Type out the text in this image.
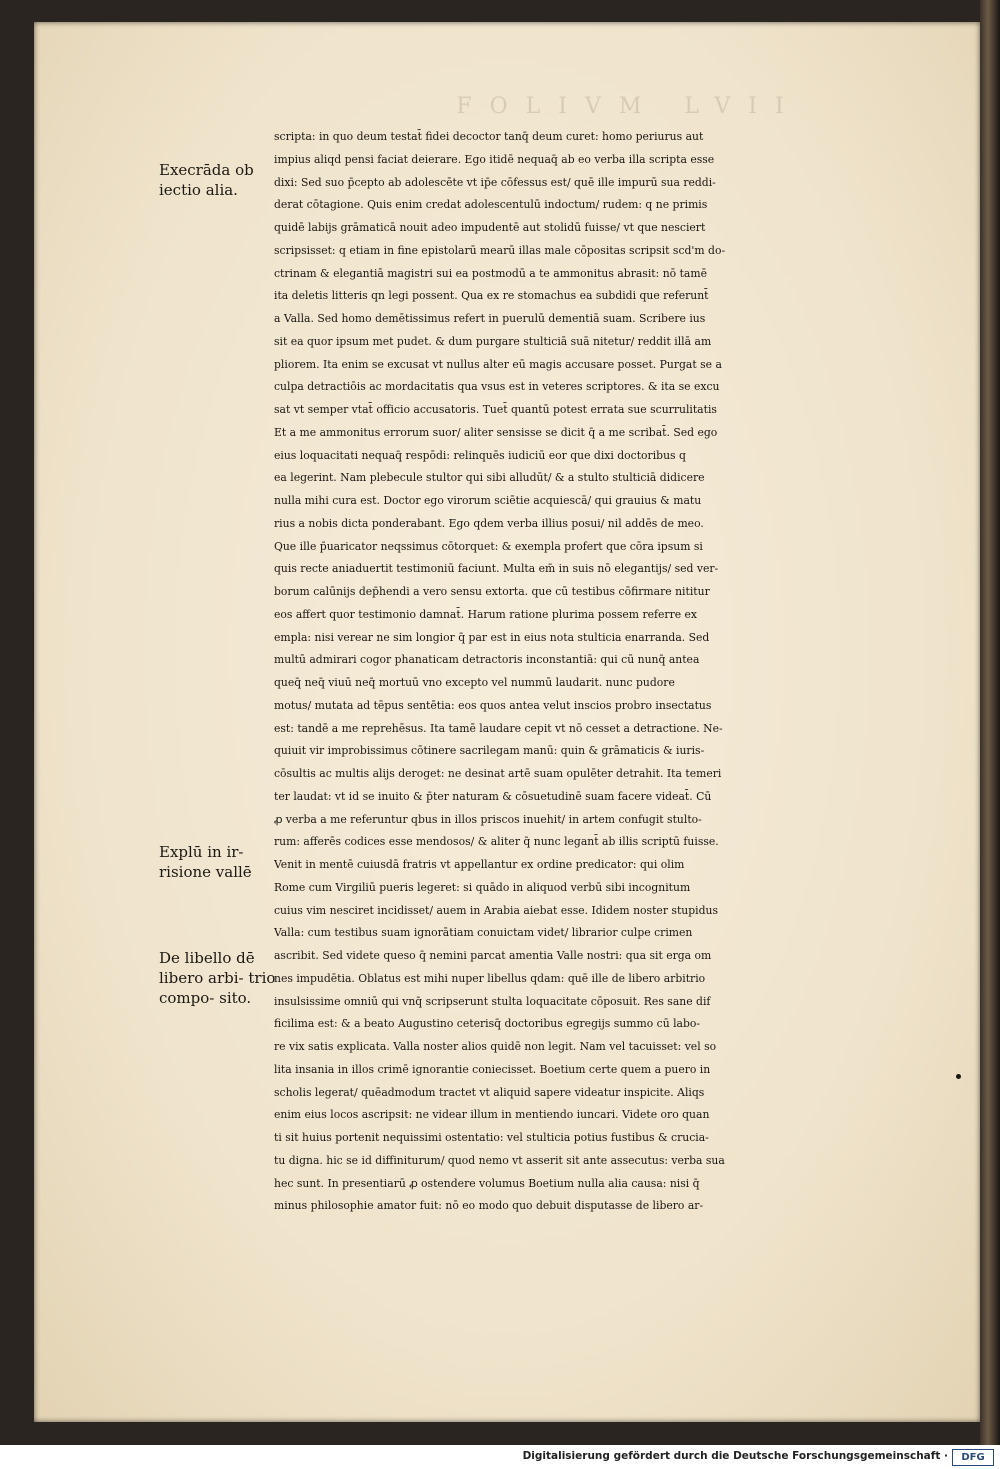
FOLIVM LVII
Execrāda ob iectio alia.
Explū in ir- risione vallē
De libello dē libero arbi- trio compo- sito.
scripta: in quo deum testat̄ fidei decoctor tanq̄ deum curet: homo periurus aut
impius aliqd pensi faciat deierare. Ego itidē nequaq̄ ab eo verba illa scripta esse
dixi: Sed suo p̄cepto ab adolescēte vt ip̄e cōfessus est/ quē ille impurū sua reddi-
derat cōtagione. Quis enim credat adolescentulū indoctum/ rudem: q ne primis
quidē labijs grāmaticā nouit adeo impudentē aut stolidū fuisse/ vt que nesciert
scripsisset: q etiam in fine epistolarū mearū illas male cōpositas scripsit scd'm do-
ctrinam & elegantiā magistri sui ea postmodū a te ammonitus abrasit: nō tamē
ita deletis litteris qn legi possent. Qua ex re stomachus ea subdidi que referunt̄
a Valla. Sed homo demētissimus refert in puerulū dementiā suam. Scribere ius
sit ea quor ipsum met pudet. & dum purgare stulticiā suā nitetur/ reddit illā am
pliorem. Ita enim se excusat vt nullus alter eū magis accusare posset. Purgat se a
culpa detractiōis ac mordacitatis qua vsus est in veteres scriptores. & ita se excu
sat vt semper vtat̄ officio accusatoris. Tuet̄ quantū potest errata sue scurrulitatis
Et a me ammonitus errorum suor/ aliter sensisse se dicit q̄ a me scribat̄. Sed ego
eius loquacitati nequaq̄ respōdi: relinquēs iudiciū eor que dixi doctoribus q
ea legerint. Nam plebecule stultor qui sibi alludūt/ & a stulto stulticiā didicere
nulla mihi cura est. Doctor ego virorum sciētie acquiescā/ qui grauius & matu
rius a nobis dicta ponderabant. Ego qdem verba illius posui/ nil addēs de meo.
Que ille p̄uaricator neqssimus cōtorquet: & exempla profert que cōra ipsum si
quis recte aniaduertit testimoniū faciunt. Multa em̄ in suis nō elegantijs/ sed ver-
borum calūnijs dep̄hendi a vero sensu extorta. que cū testibus cōfirmare nititur
eos affert quor testimonio damnat̄. Harum ratione plurima possem referre ex
empla: nisi verear ne sim longior q̄ par est in eius nota stulticia enarranda. Sed
multū admirari cogor phanaticam detractoris inconstantiā: qui cū nunq̄ antea
queq̄ neq̄ viuū neq̄ mortuū vno excepto vel nummū laudarit. nunc pudore
motus/ mutata ad tēpus sentētia: eos quos antea velut inscios probro insectatus
est: tandē a me reprehēsus. Ita tamē laudare cepit vt nō cesset a detractione. Ne-
quiuit vir improbissimus cōtinere sacrilegam manū: quin & grāmaticis & iuris-
cōsultis ac multis alijs deroget: ne desinat artē suam opulēter detrahit. Ita temeri
ter laudat: vt id se inuito & p̄ter naturam & cōsuetudinē suam facere videat̄. Cū
ꝓ verba a me referuntur qbus in illos priscos inuehit/ in artem confugit stulto-
rum: afferēs codices esse mendosos/ & aliter q̄ nunc legant̄ ab illis scriptū fuisse.
Venit in mentē cuiusdā fratris vt appellantur ex ordine predicator: qui olim
Rome cum Virgiliū pueris legeret: si quādo in aliquod verbū sibi incognitum
cuius vim nesciret incidisset/ auem in Arabia aiebat esse. Ididem noster stupidus
Valla: cum testibus suam ignorātiam conuictam videt/ librarior culpe crimen
ascribit. Sed videte queso q̄ nemini parcat amentia Valle nostri: qua sit erga om
nes impudētia. Oblatus est mihi nuper libellus qdam: quē ille de libero arbitrio
insulsissime omniū qui vnq̄ scripserunt stulta loquacitate cōposuit. Res sane dif
ficilima est: & a beato Augustino ceterisq̄ doctoribus egregijs summo cū labo-
re vix satis explicata. Valla noster alios quidē non legit. Nam vel tacuisset: vel so
lita insania in illos crimē ignorantie coniecisset. Boetium certe quem a puero in
scholis legerat/ quēadmodum tractet vt aliquid sapere videatur inspicite. Aliqs
enim eius locos ascripsit: ne videar illum in mentiendo iuncari. Videte oro quan
ti sit huius portenit nequissimi ostentatio: vel stulticia potius fustibus & crucia-
tu digna. hic se id diffiniturum/ quod nemo vt asserit sit ante assecutus: verba sua
hec sunt. In presentiarū ꝓ ostendere volumus Boetium nulla alia causa: nisi q̄
minus philosophie amator fuit: nō eo modo quo debuit disputasse de libero ar-
Digitalisierung gefördert durch die Deutsche Forschungsgemeinschaft ·	DFG
